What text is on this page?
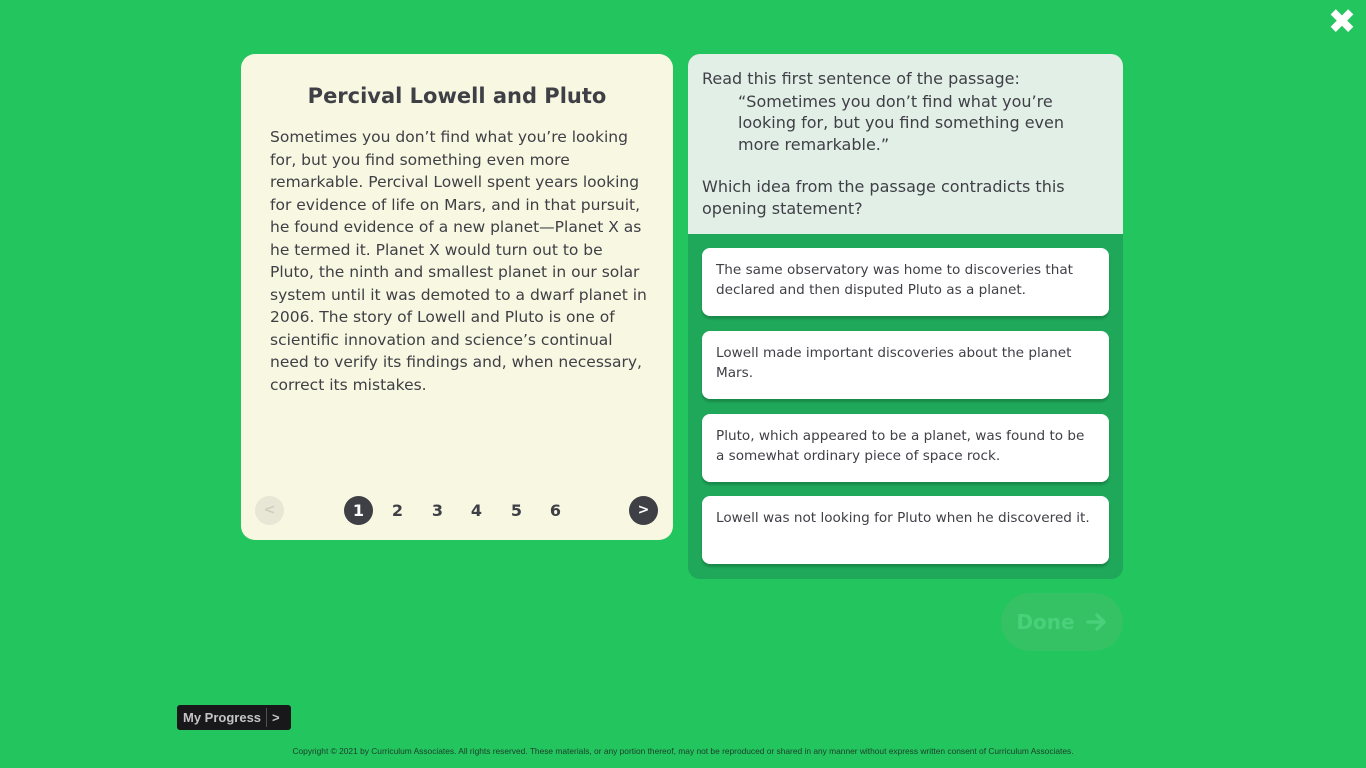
✖
Percival Lowell and Pluto

Sometimes you don’t find what you’re looking for, but you find something even more remarkable. Percival Lowell spent years looking for evidence of life on Mars, and in that pursuit, he found evidence of a new planet—Planet X as he termed it. Planet X would turn out to be Pluto, the ninth and smallest planet in our solar system until it was demoted to a dwarf planet in 2006. The story of Lowell and Pluto is one of scientific innovation and science’s continual need to verify its findings and, when necessary, correct its mistakes.

<	1	2	3	4	5	6	>
Read this first sentence of the passage:
“Sometimes you don’t find what you’re looking for, but you find something even more remarkable.”
Which idea from the passage contradicts this opening statement?
The same observatory was home to discoveries that declared and then disputed Pluto as a planet.
Lowell made important discoveries about the planet Mars.
Pluto, which appeared to be a planet, was found to be a somewhat ordinary piece of space rock.
Lowell was not looking for Pluto when he discovered it.
Done
My Progress >
Copyright © 2021 by Curriculum Associates. All rights reserved. These materials, or any portion thereof, may not be reproduced or shared in any manner without express written consent of Curriculum Associates.
